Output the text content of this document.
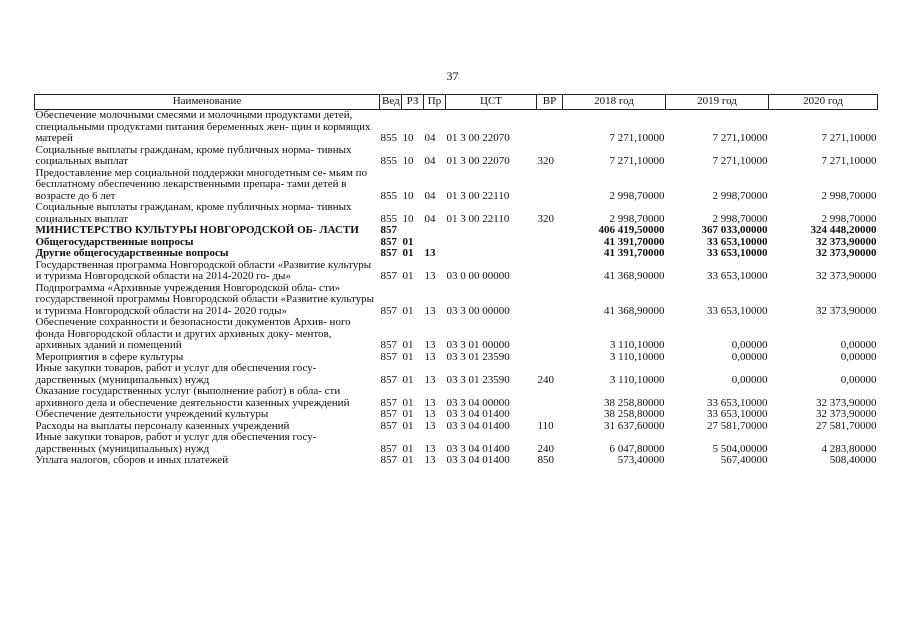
37
Наименование	Вед	РЗ	Пр	ЦСТ	ВР	2018 год	2019 год	2020 год
Обеспечение молочными смесями и молочными продуктами детей, специальными продуктами питания беременных жен- щин и кормящих матерей	855	10	04	01 3 00 22070		7 271,10000	7 271,10000	7 271,10000
Социальные выплаты гражданам, кроме публичных норма- тивных социальных выплат	855	10	04	01 3 00 22070	320	7 271,10000	7 271,10000	7 271,10000
Предоставление мер социальной поддержки многодетным се- мьям по бесплатному обеспечению лекарственными препара- тами детей в возрасте до 6 лет	855	10	04	01 3 00 22110		2 998,70000	2 998,70000	2 998,70000
Социальные выплаты гражданам, кроме публичных норма- тивных социальных выплат	855	10	04	01 3 00 22110	320	2 998,70000	2 998,70000	2 998,70000
МИНИСТЕРСТВО КУЛЬТУРЫ НОВГОРОДСКОЙ ОБ- ЛАСТИ	857					406 419,50000	367 033,00000	324 448,20000
Общегосударственные вопросы	857	01				41 391,70000	33 653,10000	32 373,90000
Другие общегосударственные вопросы	857	01	13			41 391,70000	33 653,10000	32 373,90000
Государственная программа Новгородской области «Развитие культуры и туризма Новгородской области на 2014-2020 го- ды»	857	01	13	03 0 00 00000		41 368,90000	33 653,10000	32 373,90000
Подпрограмма «Архивные учреждения Новгородской обла- сти» государственной программы Новгородской области «Развитие культуры и туризма Новгородской области на 2014- 2020 годы»	857	01	13	03 3 00 00000		41 368,90000	33 653,10000	32 373,90000
Обеспечение сохранности и безопасности документов Архив- ного фонда Новгородской области и других архивных доку- ментов, архивных зданий и помещений	857	01	13	03 3 01 00000		3 110,10000	0,00000	0,00000
Мероприятия в сфере культуры	857	01	13	03 3 01 23590		3 110,10000	0,00000	0,00000
Иные закупки товаров, работ и услуг для обеспечения госу- дарственных (муниципальных) нужд	857	01	13	03 3 01 23590	240	3 110,10000	0,00000	0,00000
Оказание государственных услуг (выполнение работ) в обла- сти архивного дела и обеспечение деятельности казенных учреждений	857	01	13	03 3 04 00000		38 258,80000	33 653,10000	32 373,90000
Обеспечение деятельности учреждений культуры	857	01	13	03 3 04 01400		38 258,80000	33 653,10000	32 373,90000
Расходы на выплаты персоналу казенных учреждений	857	01	13	03 3 04 01400	110	31 637,60000	27 581,70000	27 581,70000
Иные закупки товаров, работ и услуг для обеспечения госу- дарственных (муниципальных) нужд	857	01	13	03 3 04 01400	240	6 047,80000	5 504,00000	4 283,80000
Уплата налогов, сборов и иных платежей	857	01	13	03 3 04 01400	850	573,40000	567,40000	508,40000
